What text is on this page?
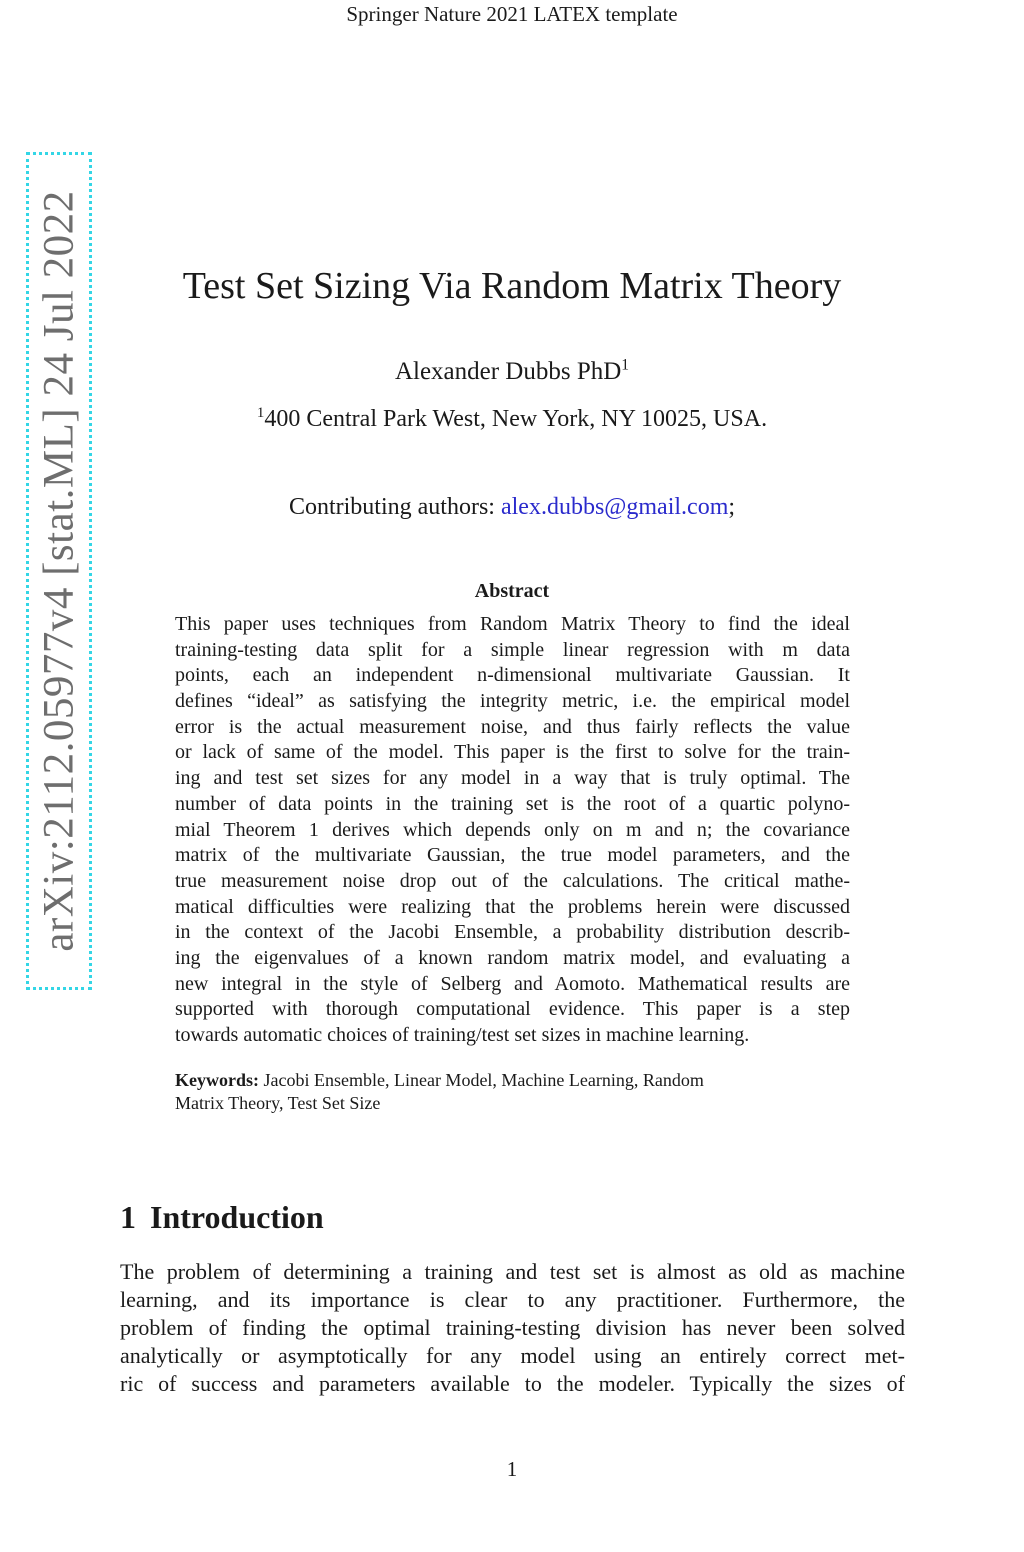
Springer Nature 2021 LATEX template
arXiv:2112.05977v4 [stat.ML] 24 Jul 2022	Test Set Sizing Via Random Matrix Theory
Alexander Dubbs PhD$^1$
$^1$400 Central Park West, New York, NY 10025, USA.
Contributing authors: alex.dubbs@gmail.com;
Abstract
This paper uses techniques from Random Matrix Theory to find the ideal
training-testing data split for a simple linear regression with m data
points, each an independent n-dimensional multivariate Gaussian. It
defines “ideal” as satisfying the integrity metric, i.e. the empirical model
error is the actual measurement noise, and thus fairly reflects the value
or lack of same of the model. This paper is the first to solve for the train-
ing and test set sizes for any model in a way that is truly optimal. The
number of data points in the training set is the root of a quartic polyno-
mial Theorem 1 derives which depends only on m and n; the covariance
matrix of the multivariate Gaussian, the true model parameters, and the
true measurement noise drop out of the calculations. The critical mathe-
matical difficulties were realizing that the problems herein were discussed
in the context of the Jacobi Ensemble, a probability distribution describ-
ing the eigenvalues of a known random matrix model, and evaluating a
new integral in the style of Selberg and Aomoto. Mathematical results are
supported with thorough computational evidence. This paper is a step
towards automatic choices of training/test set sizes in machine learning.
Keywords: Jacobi Ensemble, Linear Model, Machine Learning, Random
Matrix Theory, Test Set Size
1 Introduction
The problem of determining a training and test set is almost as old as machine
learning, and its importance is clear to any practitioner. Furthermore, the
problem of finding the optimal training-testing division has never been solved
analytically or asymptotically for any model using an entirely correct met-
ric of success and parameters available to the modeler. Typically the sizes of
1
